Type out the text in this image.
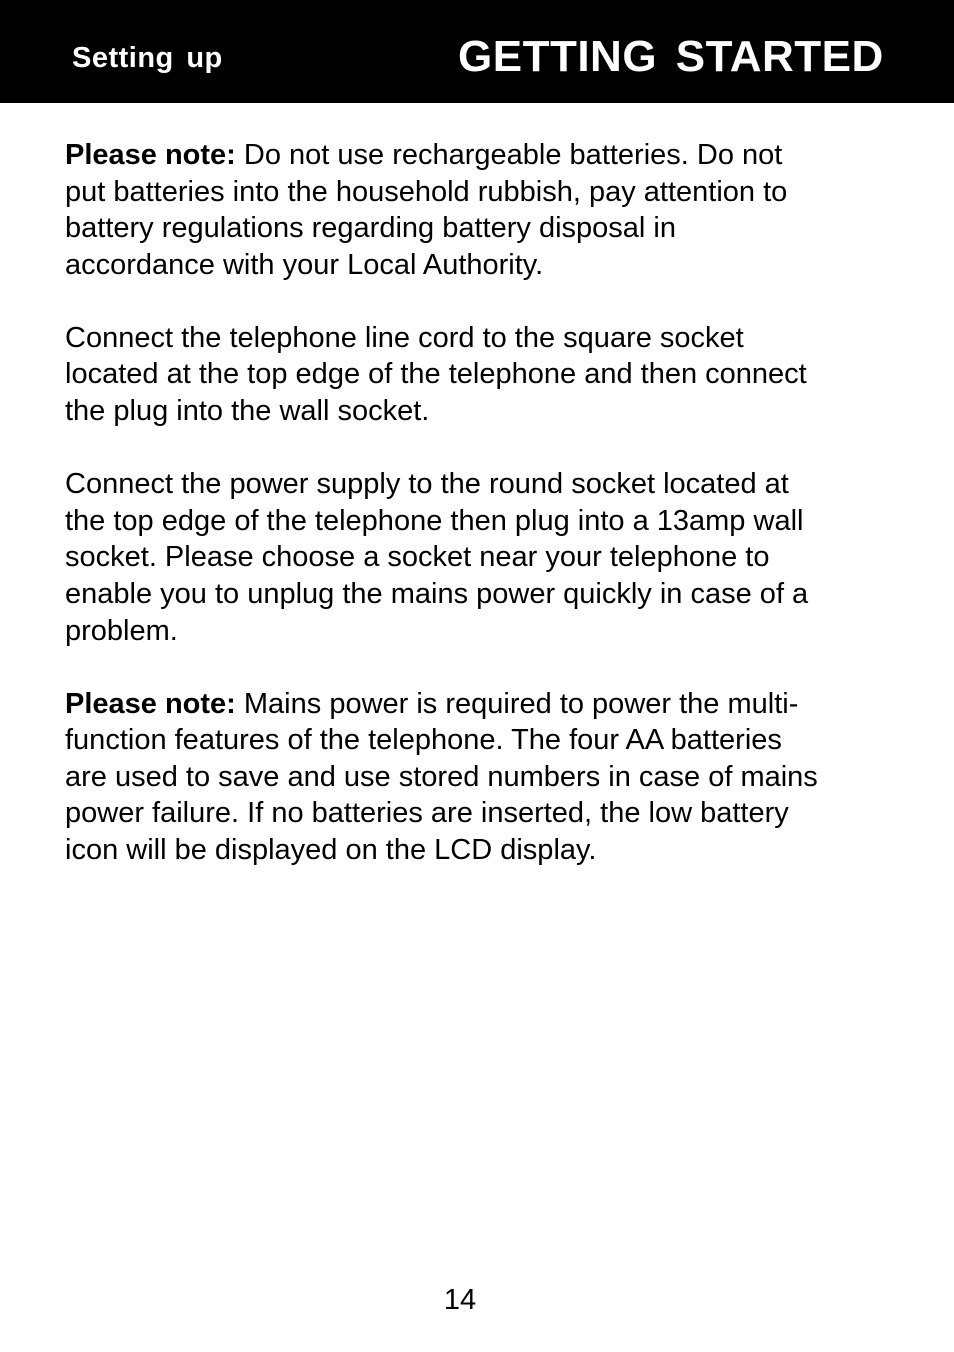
Setting up	GETTING STARTED

Please note: Do not use rechargeable batteries. Do not
put batteries into the household rubbish, pay attention to
battery regulations regarding battery disposal in
accordance with your Local Authority.

Connect the telephone line cord to the square socket
located at the top edge of the telephone and then connect
the plug into the wall socket.

Connect the power supply to the round socket located at
the top edge of the telephone then plug into a 13amp wall
socket. Please choose a socket near your telephone to
enable you to unplug the mains power quickly in case of a
problem.

Please note: Mains power is required to power the multi-
function features of the telephone. The four AA batteries
are used to save and use stored numbers in case of mains
power failure. If no batteries are inserted, the low battery
icon will be displayed on the LCD display.

14
